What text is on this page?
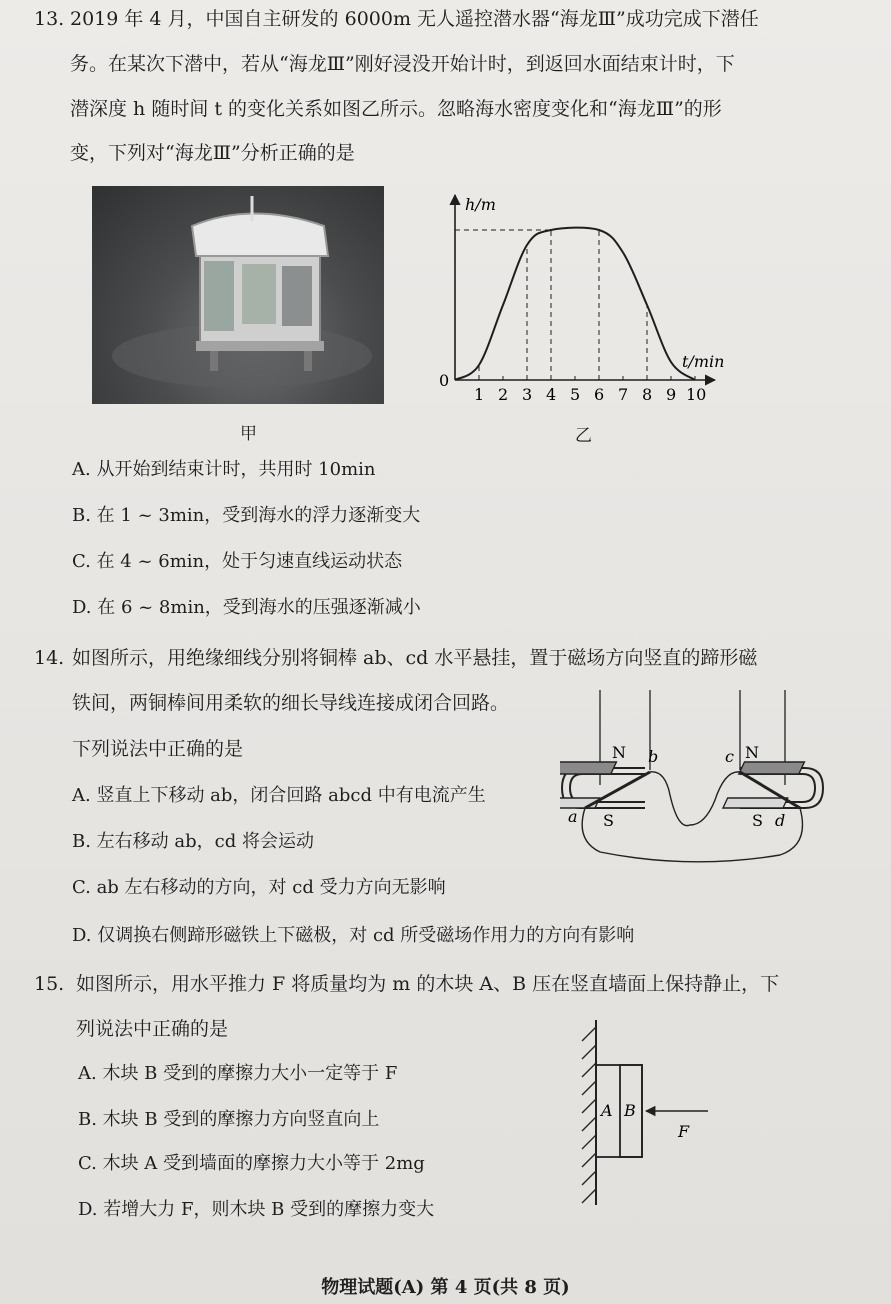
13. 2019 年 4 月，中国自主研发的 6000m 无人遥控潜水器“海龙Ⅲ”成功完成下潜任
务。在某次下潜中，若从“海龙Ⅲ”刚好浸没开始计时，到返回水面结束计时，下
潜深度 h 随时间 t 的变化关系如图乙所示。忽略海水密度变化和“海龙Ⅲ”的形
变，下列对“海龙Ⅲ”分析正确的是
甲
1 2 3 4 5 6 7 8 9 10
h/m
t/min
0
乙
A. 从开始到结束计时，共用时 10min
B. 在 1 ~ 3min，受到海水的浮力逐渐变大
C. 在 4 ~ 6min，处于匀速直线运动状态
D. 在 6 ~ 8min，受到海水的压强逐渐减小
14. 如图所示，用绝缘细线分别将铜棒 ab、cd 水平悬挂，置于磁场方向竖直的蹄形磁
铁间，两铜棒间用柔软的细长导线连接成闭合回路。
下列说法中正确的是
A. 竖直上下移动 ab，闭合回路 abcd 中有电流产生
B. 左右移动 ab，cd 将会运动
C. ab 左右移动的方向，对 cd 受力方向无影响
D. 仅调换右侧蹄形磁铁上下磁极，对 cd 所受磁场作用力的方向有影响
N
S
N
S
a
b	c
d
15. 如图所示，用水平推力 F 将质量均为 m 的木块 A、B 压在竖直墙面上保持静止，下
列说法中正确的是
A. 木块 B 受到的摩擦力大小一定等于 F
B. 木块 B 受到的摩擦力方向竖直向上
C. 木块 A 受到墙面的摩擦力大小等于 2mg
D. 若增大力 F，则木块 B 受到的摩擦力变大
A B
F
物理试题(A) 第 4 页(共 8 页)
